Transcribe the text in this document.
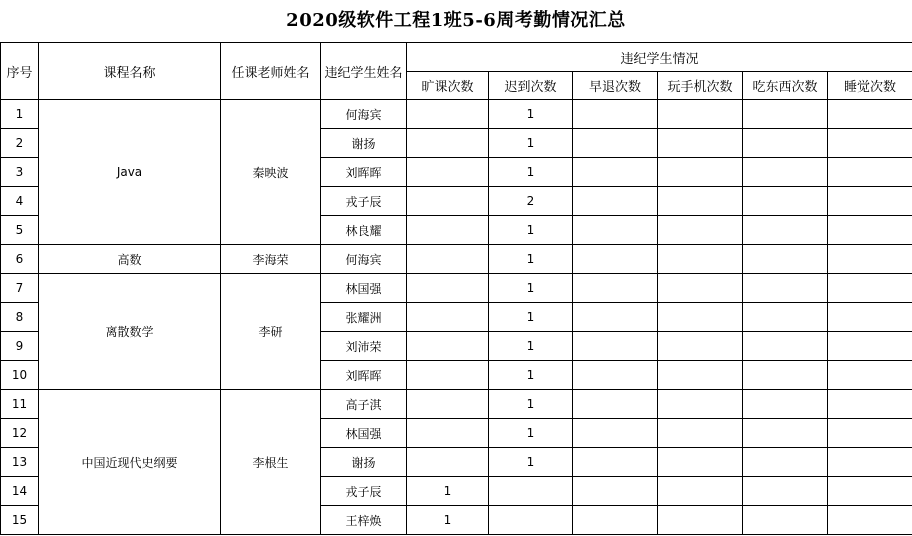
2020级软件工程1班5-6周考勤情况汇总
序号	课程名称	任课老师姓名	违纪学生姓名	违纪学生情况					
				旷课次数	迟到次数	早退次数	玩手机次数	吃东西次数	睡觉次数
1	Java	秦映波	何海宾		1				
2			谢扬		1				
3			刘晖晖		1				
4			戎子辰		2				
5			林良耀		1				
6	高数	李海荣	何海宾		1				
7	离散数学	李研	林国强		1				
8			张耀洲		1				
9			刘沛荣		1				
10			刘晖晖		1				
11	中国近现代史纲要	李根生	高子淇		1				
12			林国强		1				
13			谢扬		1				
14			戎子辰	1					
15			王梓焕	1					
